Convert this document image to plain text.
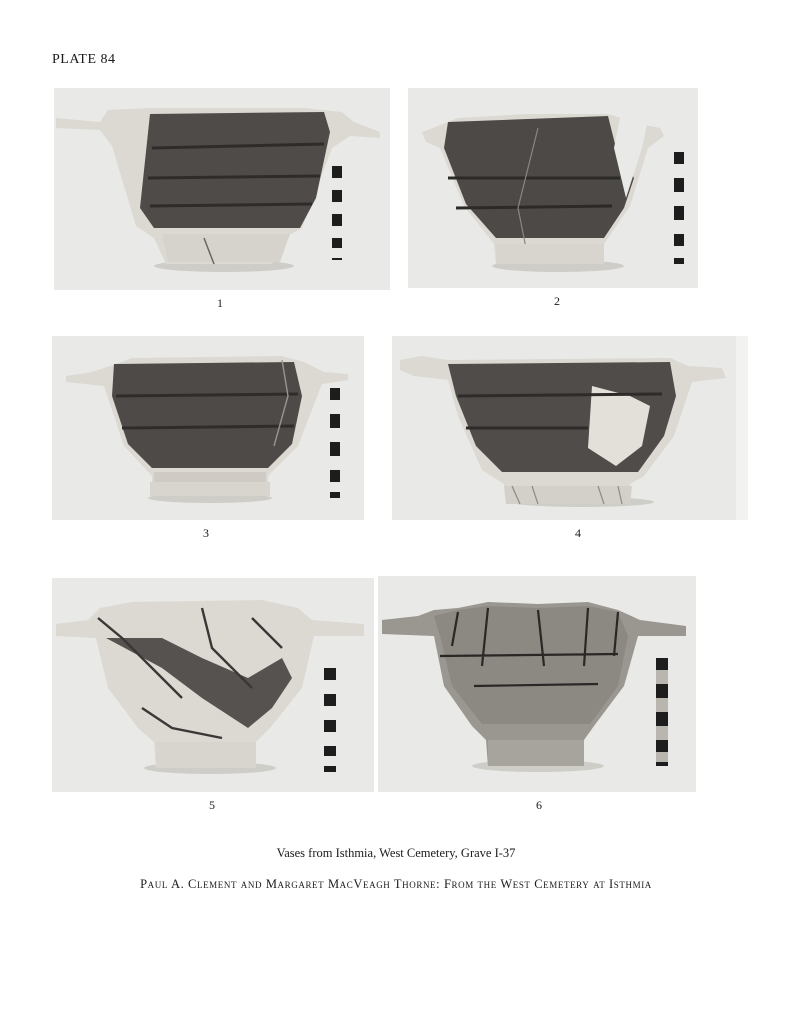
PLATE 84
1	2
3	4
5	6
Vases from Isthmia, West Cemetery, Grave I-37
Paul A. Clement and Margaret MacVeagh Thorne: From the West Cemetery at Isthmia
